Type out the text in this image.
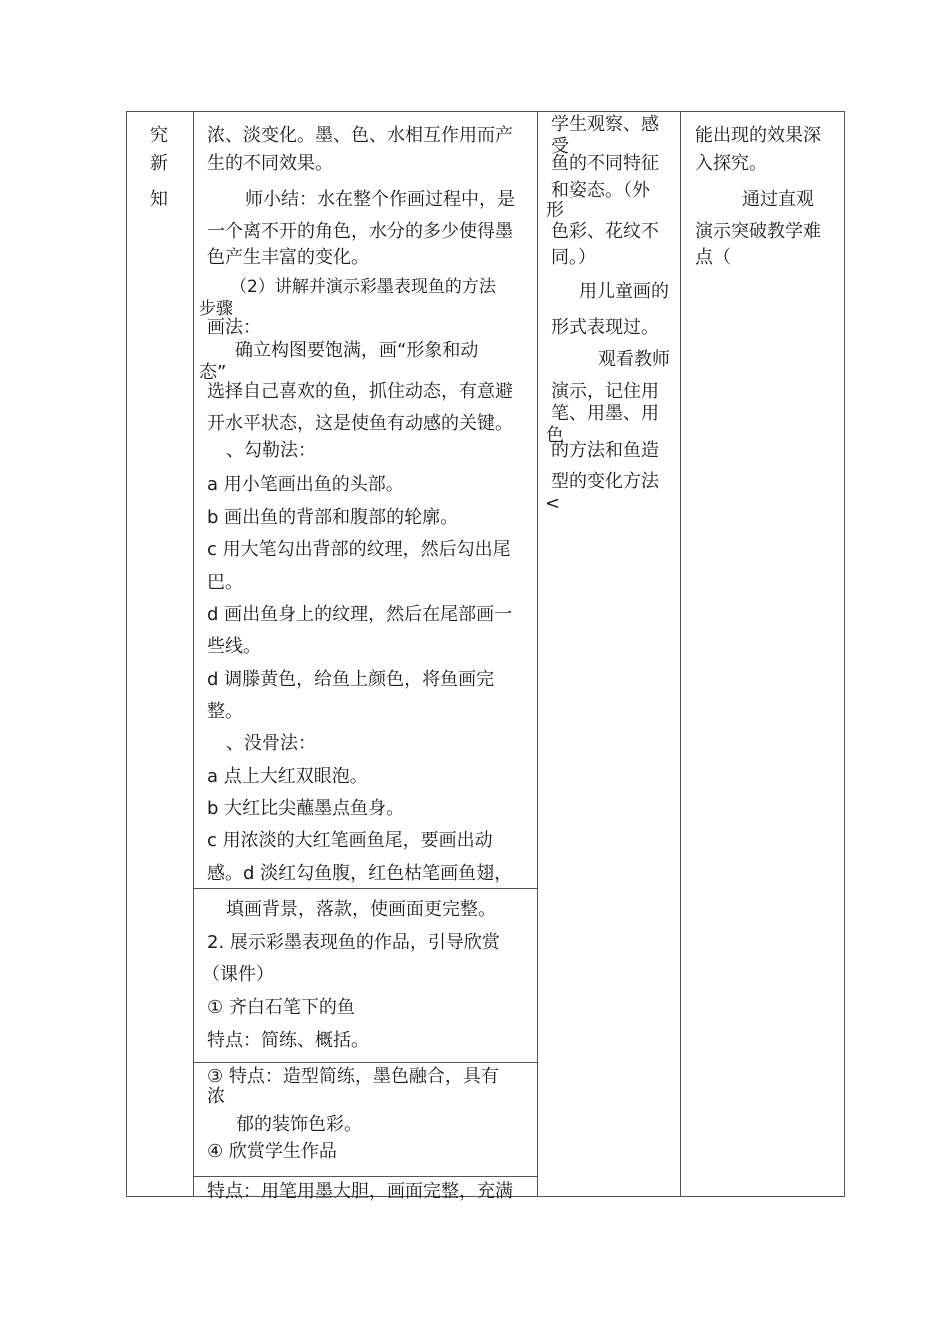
究
新
知
浓、淡变化。墨、色、水相互作用而产
生的不同效果。
师小结：水在整个作画过程中，是
一个离不开的角色，水分的多少使得墨
色产生丰富的变化。
（2）讲解并演示彩墨表现鱼的方法
步骤
画法：
确立构图要饱满，画“形象和动
态”
选择自己喜欢的鱼，抓住动态，有意避
开水平状态，这是使鱼有动感的关键。
、勾勒法：
a 用小笔画出鱼的头部。
b 画出鱼的背部和腹部的轮廓。
c 用大笔勾出背部的纹理，然后勾出尾
巴。
d 画出鱼身上的纹理，然后在尾部画一
些线。
d 调滕黄色，给鱼上颜色，将鱼画完
整。
、没骨法：
a 点上大红双眼泡。
b 大红比尖蘸墨点鱼身。
c 用浓淡的大红笔画鱼尾，要画出动
感。d 淡红勾鱼腹，红色枯笔画鱼翅，
填画背景，落款，使画面更完整。
2. 展示彩墨表现鱼的作品，引导欣赏
（课件）
① 齐白石笔下的鱼
特点：简练、概括。
③ 特点：造型简练，墨色融合，具有
浓
郁的装饰色彩。
④ 欣赏学生作品
特点：用笔用墨大胆，画面完整，充满
学生观察、感
受
鱼的不同特征
和姿态。（外
形
色彩、花纹不
同。）
用儿童画的
形式表现过。
观看教师
演示，记住用
笔、用墨、用
色
的方法和鱼造
型的变化方法
<
能出现的效果深
入探究。
通过直观
演示突破教学难
点（
